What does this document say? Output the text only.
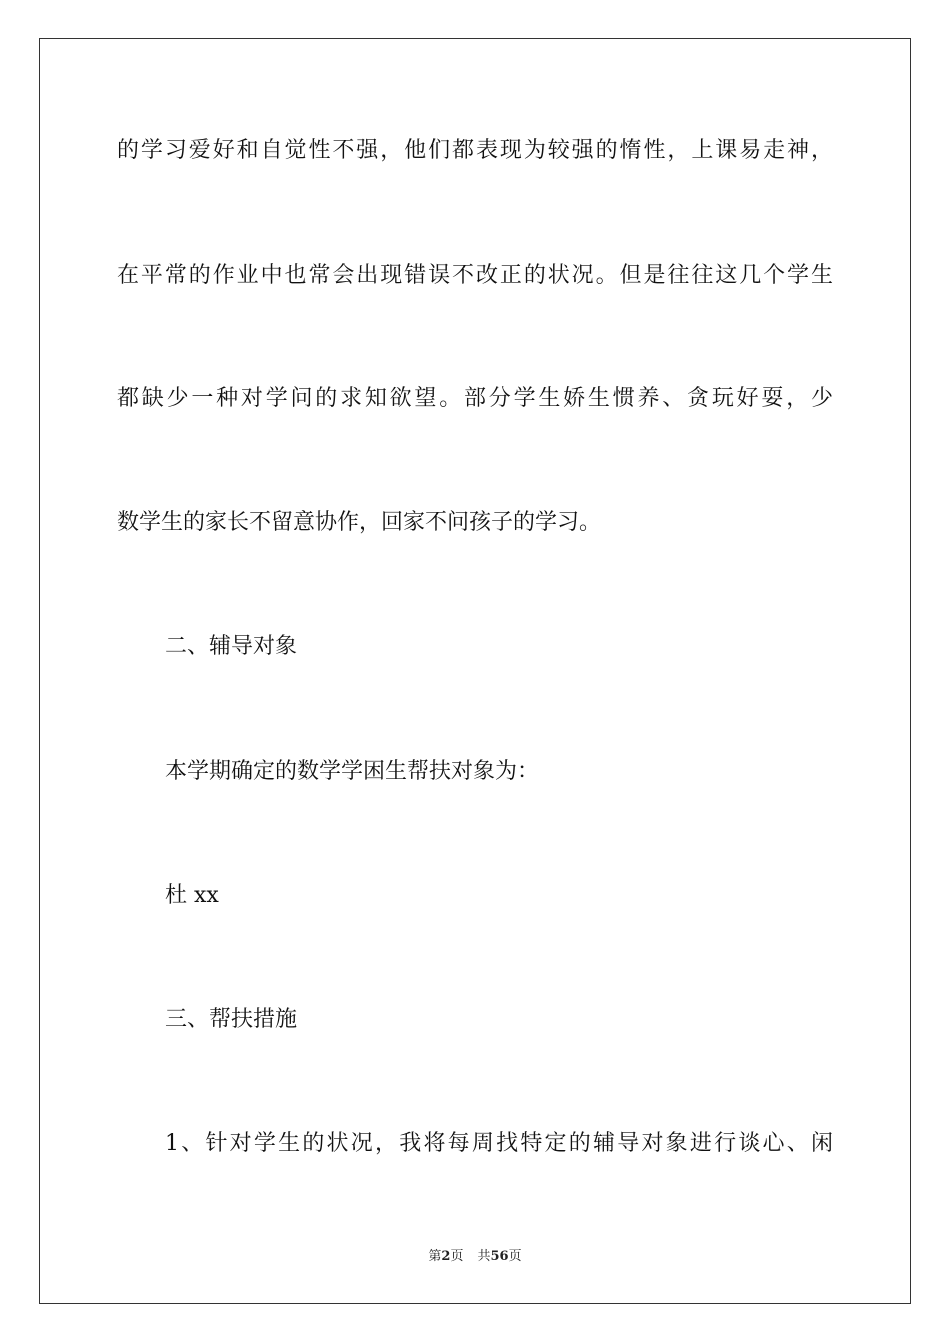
的学习爱好和自觉性不强，他们都表现为较强的惰性，上课易走神，
在平常的作业中也常会出现错误不改正的状况。但是往往这几个学生
都缺少一种对学问的求知欲望。部分学生娇生惯养、贪玩好耍，少
数学生的家长不留意协作，回家不问孩子的学习。
二、辅导对象
本学期确定的数学学困生帮扶对象为：
杜 xx
三、帮扶措施
1、针对学生的状况，我将每周找特定的辅导对象进行谈心、闲
第2页 共56页
